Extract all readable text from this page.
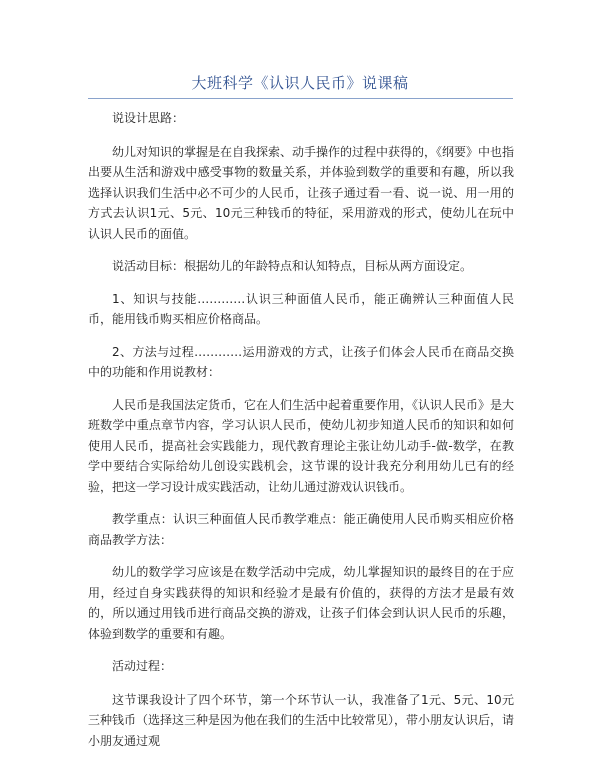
大班科学《认识人民币》说课稿

说设计思路：

幼儿对知识的掌握是在自我探索、动手操作的过程中获得的，《纲要》中也指出要从生活和游戏中感受事物的数量关系，并体验到数学的重要和有趣，所以我选择认识我们生活中必不可少的人民币，让孩子通过看一看、说一说、用一用的方式去认识1元、5元、10元三种钱币的特征，采用游戏的形式，使幼儿在玩中认识人民币的面值。

说活动目标：根据幼儿的年龄特点和认知特点，目标从两方面设定。

1、知识与技能…………认识三种面值人民币，能正确辨认三种面值人民币，能用钱币购买相应价格商品。

2、方法与过程…………运用游戏的方式，让孩子们体会人民币在商品交换中的功能和作用说教材：

人民币是我国法定货币，它在人们生活中起着重要作用，《认识人民币》是大班数学中重点章节内容，学习认识人民币，使幼儿初步知道人民币的知识和如何使用人民币，提高社会实践能力，现代教育理论主张让幼儿动手-做-数学，在教学中要结合实际给幼儿创设实践机会，这节课的设计我充分利用幼儿已有的经验，把这一学习设计成实践活动，让幼儿通过游戏认识钱币。

教学重点：认识三种面值人民币教学难点：能正确使用人民币购买相应价格商品教学方法：

幼儿的数学学习应该是在数学活动中完成，幼儿掌握知识的最终目的在于应用，经过自身实践获得的知识和经验才是最有价值的，获得的方法才是最有效的，所以通过用钱币进行商品交换的游戏，让孩子们体会到认识人民币的乐趣，体验到数学的重要和有趣。

活动过程：

这节课我设计了四个环节，第一个环节认一认，我准备了1元、5元、10元三种钱币（选择这三种是因为他在我们的生活中比较常见），带小朋友认识后，请小朋友通过观
